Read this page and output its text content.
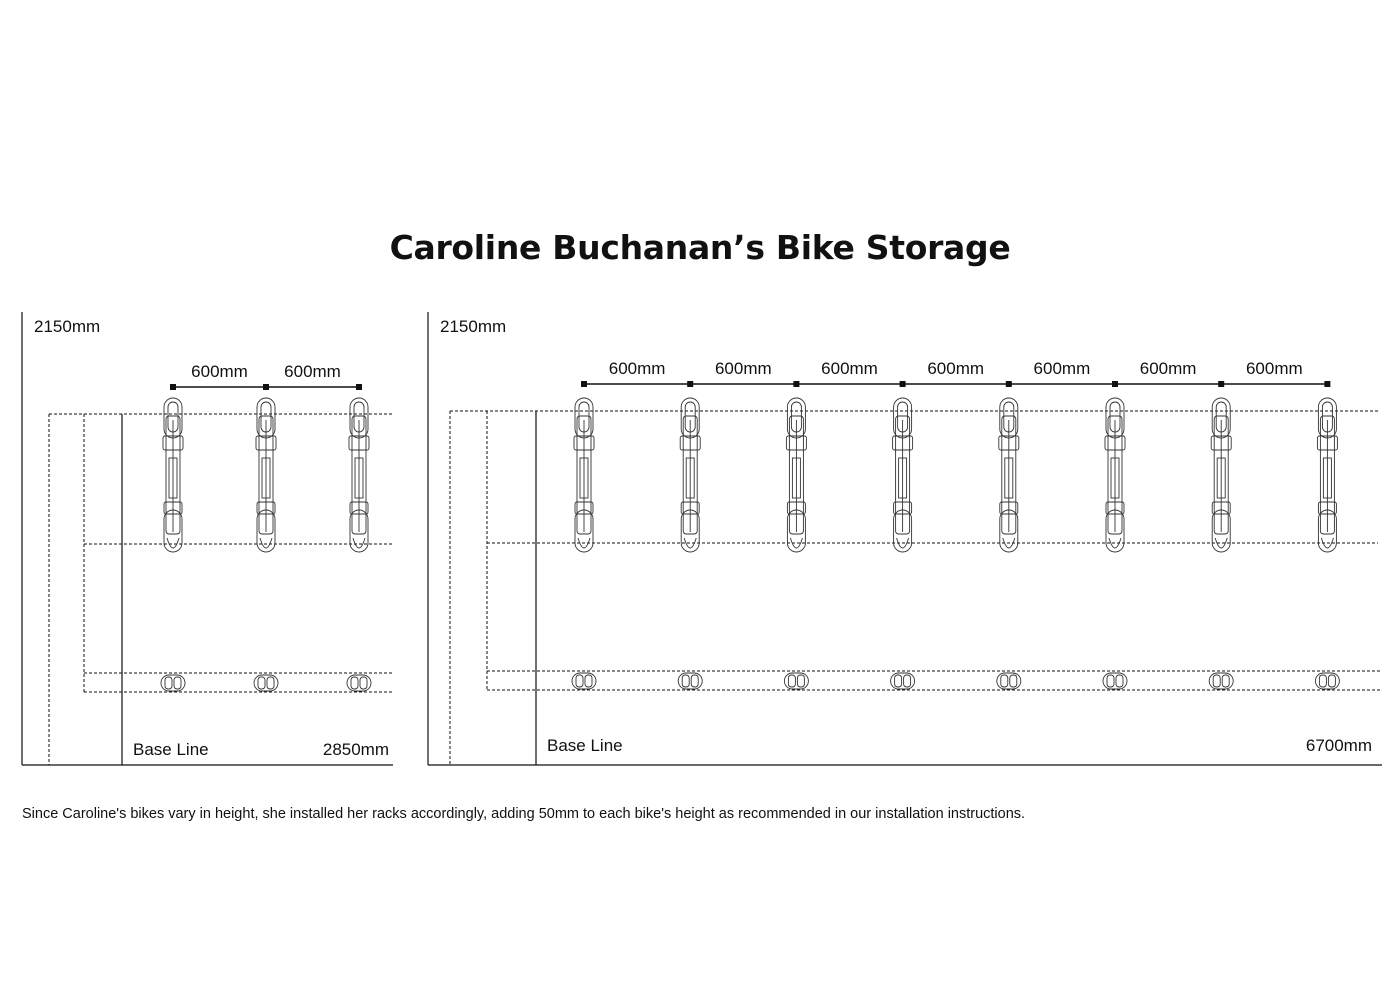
Caroline Buchanan’s Bike Storage
2150mm
Base Line	2850mm
600mm 600mm
2150mm
Base Line	6700mm
600mm	600mm	600mm	600mm	600mm	600mm	600mm

Since Caroline's bikes vary in height, she installed her racks accordingly, adding 50mm to each bike's height as recommended in our installation instructions.
